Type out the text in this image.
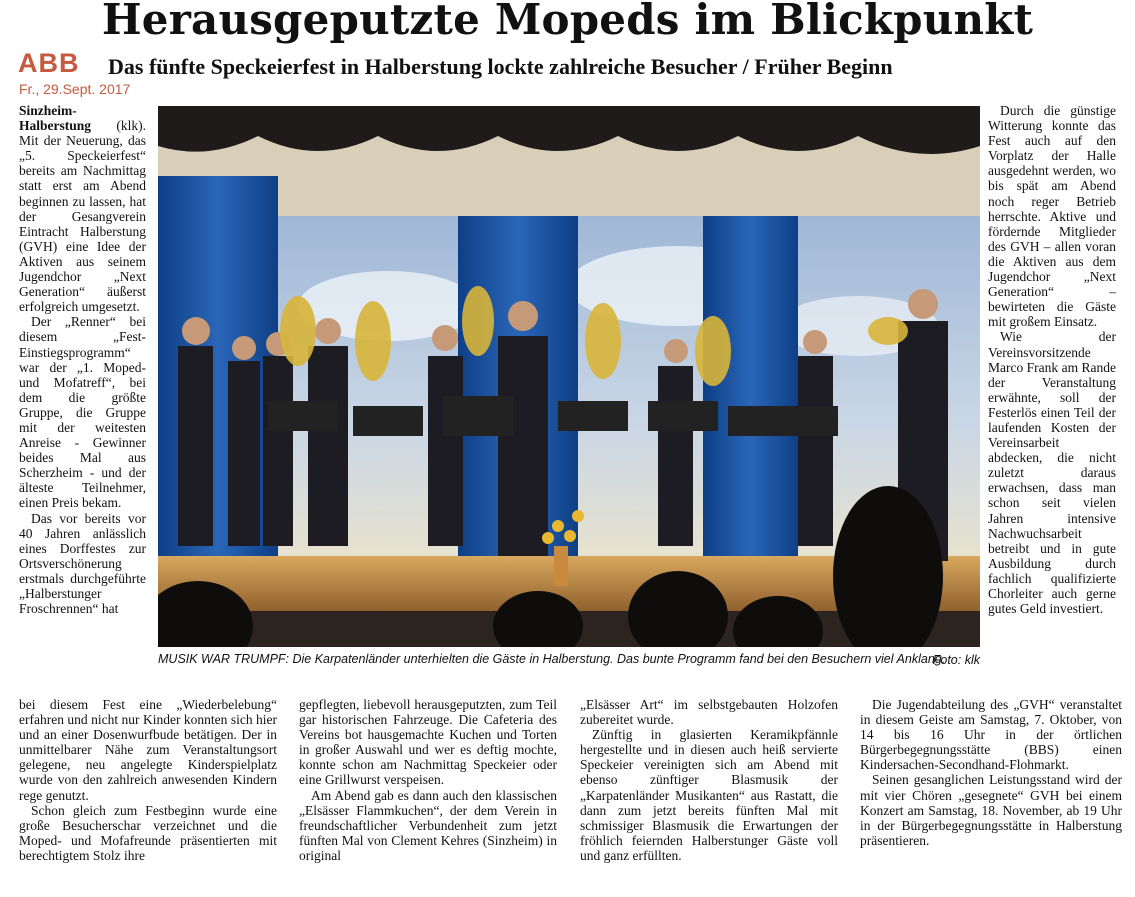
Herausgeputzte Mopeds im Blickpunkt
ABB
Fr., 29.Sept. 2017
Das fünfte Speckeierfest in Halberstung lockte zahlreiche Besucher / Früher Beginn

Sinzheim-Halberstung (klk). Mit der Neuerung, das „5. Speckeierfest“ bereits am Nachmittag statt erst am Abend beginnen zu lassen, hat der Gesangverein Eintracht Halberstung (GVH) eine Idee der Aktiven aus seinem Jugendchor „Next Generation“ äußerst erfolgreich umgesetzt.

Der „Renner“ bei diesem „Fest-Einstiegsprogramm“ war der „1. Moped- und Mofatreff“, bei dem die größte Gruppe, die Gruppe mit der weitesten Anreise - Gewinner beides Mal aus Scherzheim - und der älteste Teilnehmer, einen Preis bekam.

Das vor bereits vor 40 Jahren anlässlich eines Dorffestes zur Ortsverschönerung erstmals durchgeführte „Halberstunger Froschrennen“ hat

MUSIK WAR TRUMPF: Die Karpatenländer unterhielten die Gäste in Halberstung. Das bunte Programm fand bei den Besuchern viel Anklang.
Foto: klk

Durch die günstige Witterung konnte das Fest auch auf den Vorplatz der Halle ausgedehnt werden, wo bis spät am Abend noch reger Betrieb herrschte. Aktive und fördernde Mitglieder des GVH – allen voran die Aktiven aus dem Jugendchor „Next Generation“ – bewirteten die Gäste mit großem Einsatz.

Wie der Vereinsvorsitzende Marco Frank am Rande der Veranstaltung erwähnte, soll der Festerlös einen Teil der laufenden Kosten der Vereinsarbeit abdecken, die nicht zuletzt daraus erwachsen, dass man schon seit vielen Jahren intensive Nachwuchsarbeit betreibt und in gute Ausbildung durch fachlich qualifizierte Chorleiter auch gerne gutes Geld investiert.

bei diesem Fest eine „Wiederbelebung“ erfahren und nicht nur Kinder konnten sich hier und an einer Dosenwurfbude betätigen. Der in unmittelbarer Nähe zum Veranstaltungsort gelegene, neu angelegte Kinderspielplatz wurde von den zahlreich anwesenden Kindern rege genutzt.

Schon gleich zum Festbeginn wurde eine große Besucherschar verzeichnet und die Moped- und Mofafreunde präsentierten mit berechtigtem Stolz ihre

gepflegten, liebevoll herausgeputzten, zum Teil gar historischen Fahrzeuge. Die Cafeteria des Vereins bot hausgemachte Kuchen und Torten in großer Auswahl und wer es deftig mochte, konnte schon am Nachmittag Speckeier oder eine Grillwurst verspeisen.

Am Abend gab es dann auch den klassischen „Elsässer Flammkuchen“, der dem Verein in freundschaftlicher Verbundenheit zum jetzt fünften Mal von Clement Kehres (Sinzheim) in original

„Elsässer Art“ im selbstgebauten Holzofen zubereitet wurde.

Zünftig in glasierten Keramikpfännle hergestellte und in diesen auch heiß servierte Speckeier vereinigten sich am Abend mit ebenso zünftiger Blasmusik der „Karpatenländer Musikanten“ aus Rastatt, die dann zum jetzt bereits fünften Mal mit schmissiger Blasmusik die Erwartungen der fröhlich feiernden Halberstunger Gäste voll und ganz erfüllten.

Die Jugendabteilung des „GVH“ veranstaltet in diesem Geiste am Samstag, 7. Oktober, von 14 bis 16 Uhr in der örtlichen Bürgerbegegnungsstätte (BBS) einen Kindersachen-Secondhand-Flohmarkt.

Seinen gesanglichen Leistungsstand wird der mit vier Chören „gesegnete“ GVH bei einem Konzert am Samstag, 18. November, ab 19 Uhr in der Bürgerbegegnungsstätte in Halberstung präsentieren.
